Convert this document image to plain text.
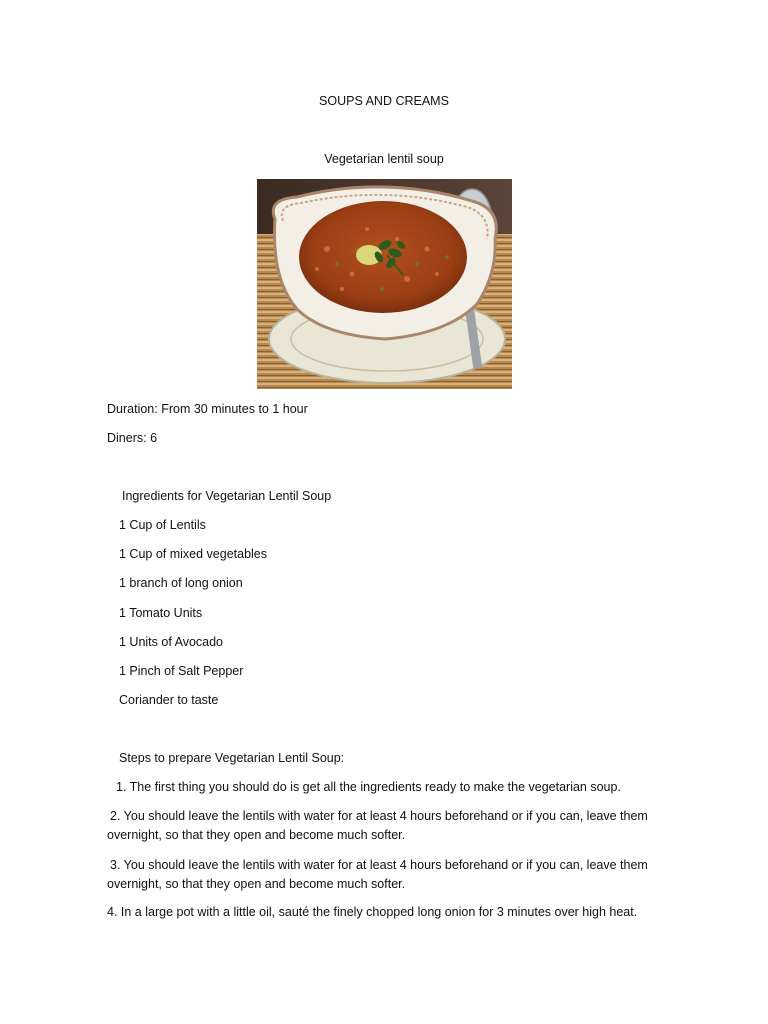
SOUPS AND CREAMS
Vegetarian lentil soup
Duration: From 30 minutes to 1 hour
Diners: 6
Ingredients for Vegetarian Lentil Soup
1 Cup of Lentils
1 Cup of mixed vegetables
1 branch of long onion
1 Tomato Units
1 Units of Avocado
1 Pinch of Salt Pepper
Coriander to taste
Steps to prepare Vegetarian Lentil Soup:
1. The first thing you should do is get all the ingredients ready to make the vegetarian soup.
2. You should leave the lentils with water for at least 4 hours beforehand or if you can, leave them overnight, so that they open and become much softer.
3. You should leave the lentils with water for at least 4 hours beforehand or if you can, leave them overnight, so that they open and become much softer.
4. In a large pot with a little oil, sauté the finely chopped long onion for 3 minutes over high heat.
